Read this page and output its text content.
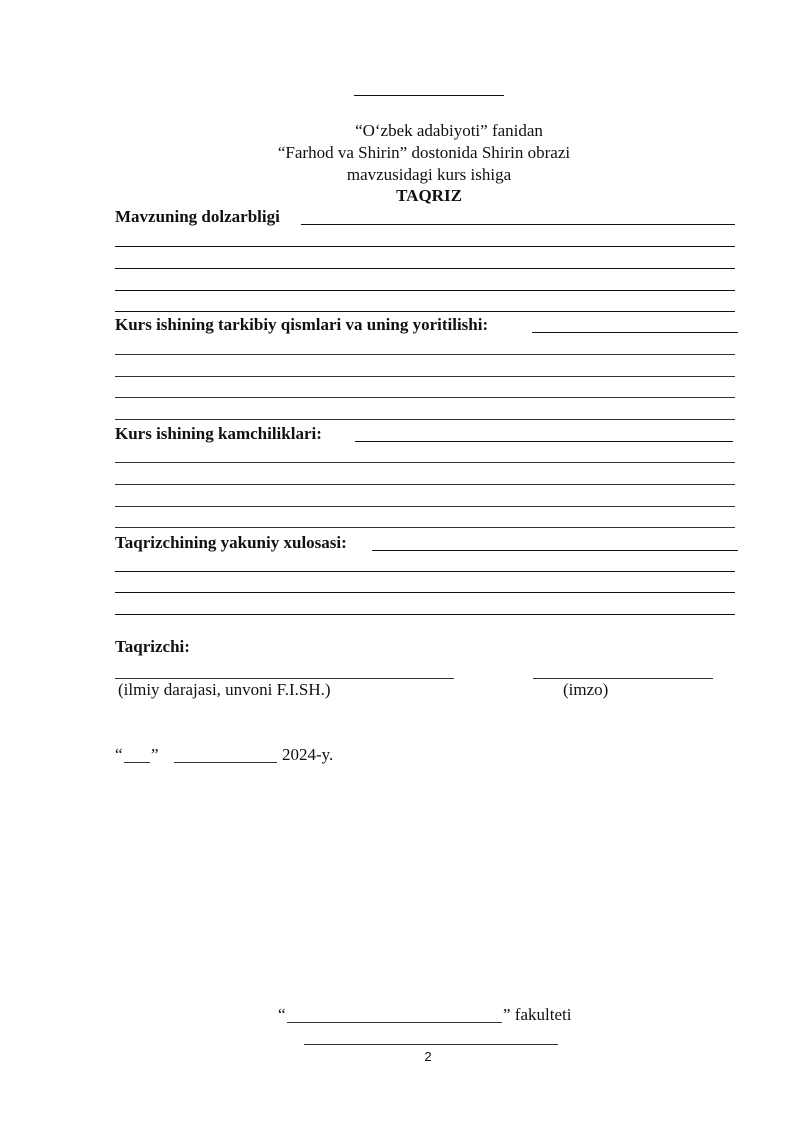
“O‘zbek adabiyoti” fanidan
“Farhod va Shirin” dostonida Shirin obrazi
mavzusidagi kurs ishiga
TAQRIZ
Mavzuning dolzarbligi
Kurs ishining tarkibiy qismlari va uning yoritilishi:
Kurs ishining kamchiliklari:
Taqrizchining yakuniy xulosasi:
Taqrizchi:
(ilmiy darajasi, unvoni F.I.SH.)	(imzo)
“ ”	2024-y.
“	” fakulteti
2
